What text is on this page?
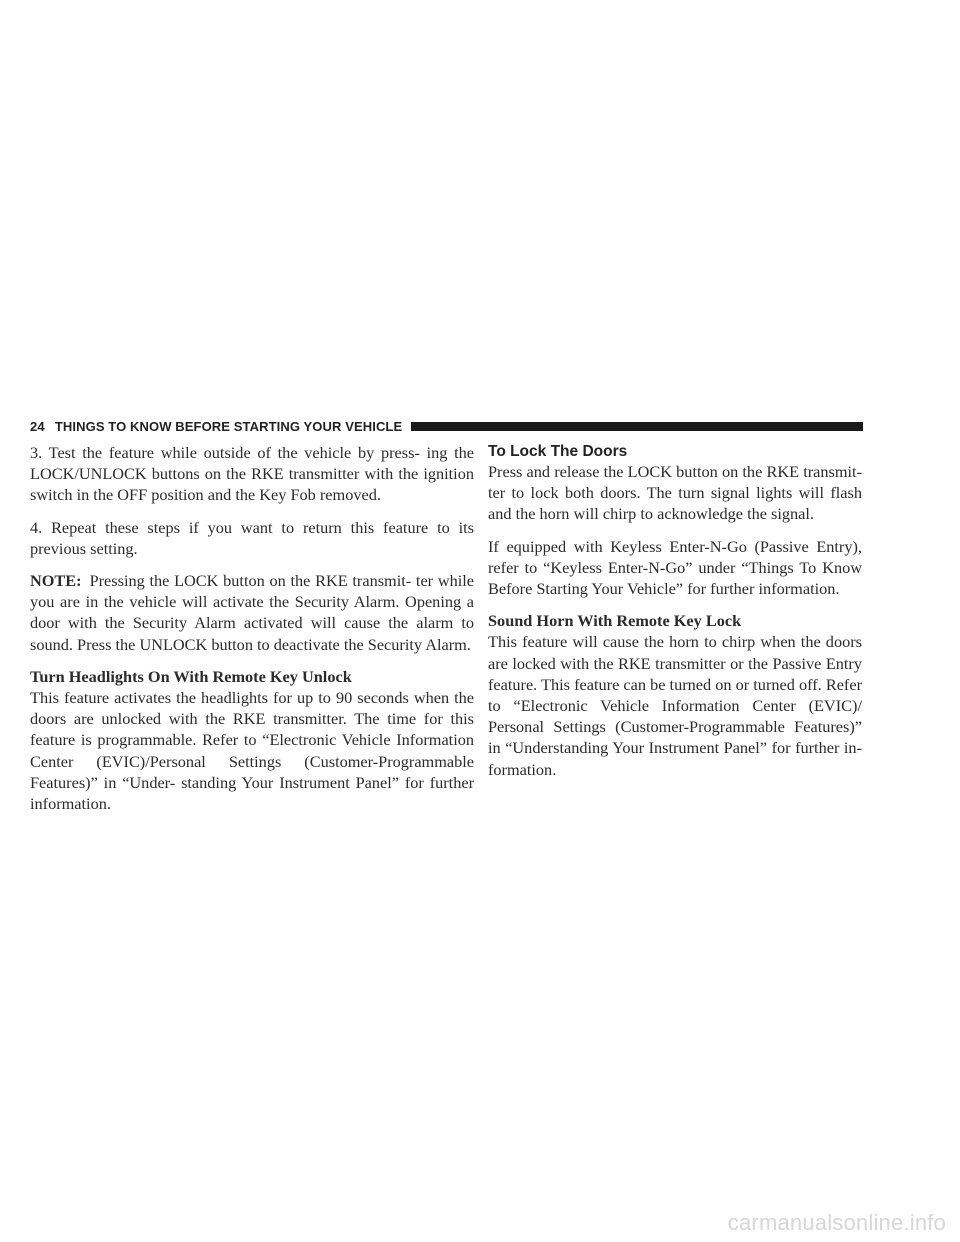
24 THINGS TO KNOW BEFORE STARTING YOUR VEHICLE

3. Test the feature while outside of the vehicle by press- ing the LOCK/UNLOCK buttons on the RKE transmitter with the ignition switch in the OFF position and the Key Fob removed.

4. Repeat these steps if you want to return this feature to its previous setting.

NOTE: Pressing the LOCK button on the RKE transmit- ter while you are in the vehicle will activate the Security Alarm. Opening a door with the Security Alarm activated will cause the alarm to sound. Press the UNLOCK button to deactivate the Security Alarm.

Turn Headlights On With Remote Key Unlock

This feature activates the headlights for up to 90 seconds when the doors are unlocked with the RKE transmitter. The time for this feature is programmable. Refer to “Electronic Vehicle Information Center (EVIC)/Personal Settings (Customer-Programmable Features)” in “Under- standing Your Instrument Panel” for further information.

To Lock The Doors

Press and release the LOCK button on the RKE transmit- ter to lock both doors. The turn signal lights will flash and the horn will chirp to acknowledge the signal.

If equipped with Keyless Enter-N-Go (Passive Entry), refer to “Keyless Enter-N-Go” under “Things To Know Before Starting Your Vehicle” for further information.

Sound Horn With Remote Key Lock

This feature will cause the horn to chirp when the doors are locked with the RKE transmitter or the Passive Entry feature. This feature can be turned on or turned off. Refer to “Electronic Vehicle Information Center (EVIC)/ Personal Settings (Customer-Programmable Features)” in “Understanding Your Instrument Panel” for further in- formation.

carmanualsonline.info
